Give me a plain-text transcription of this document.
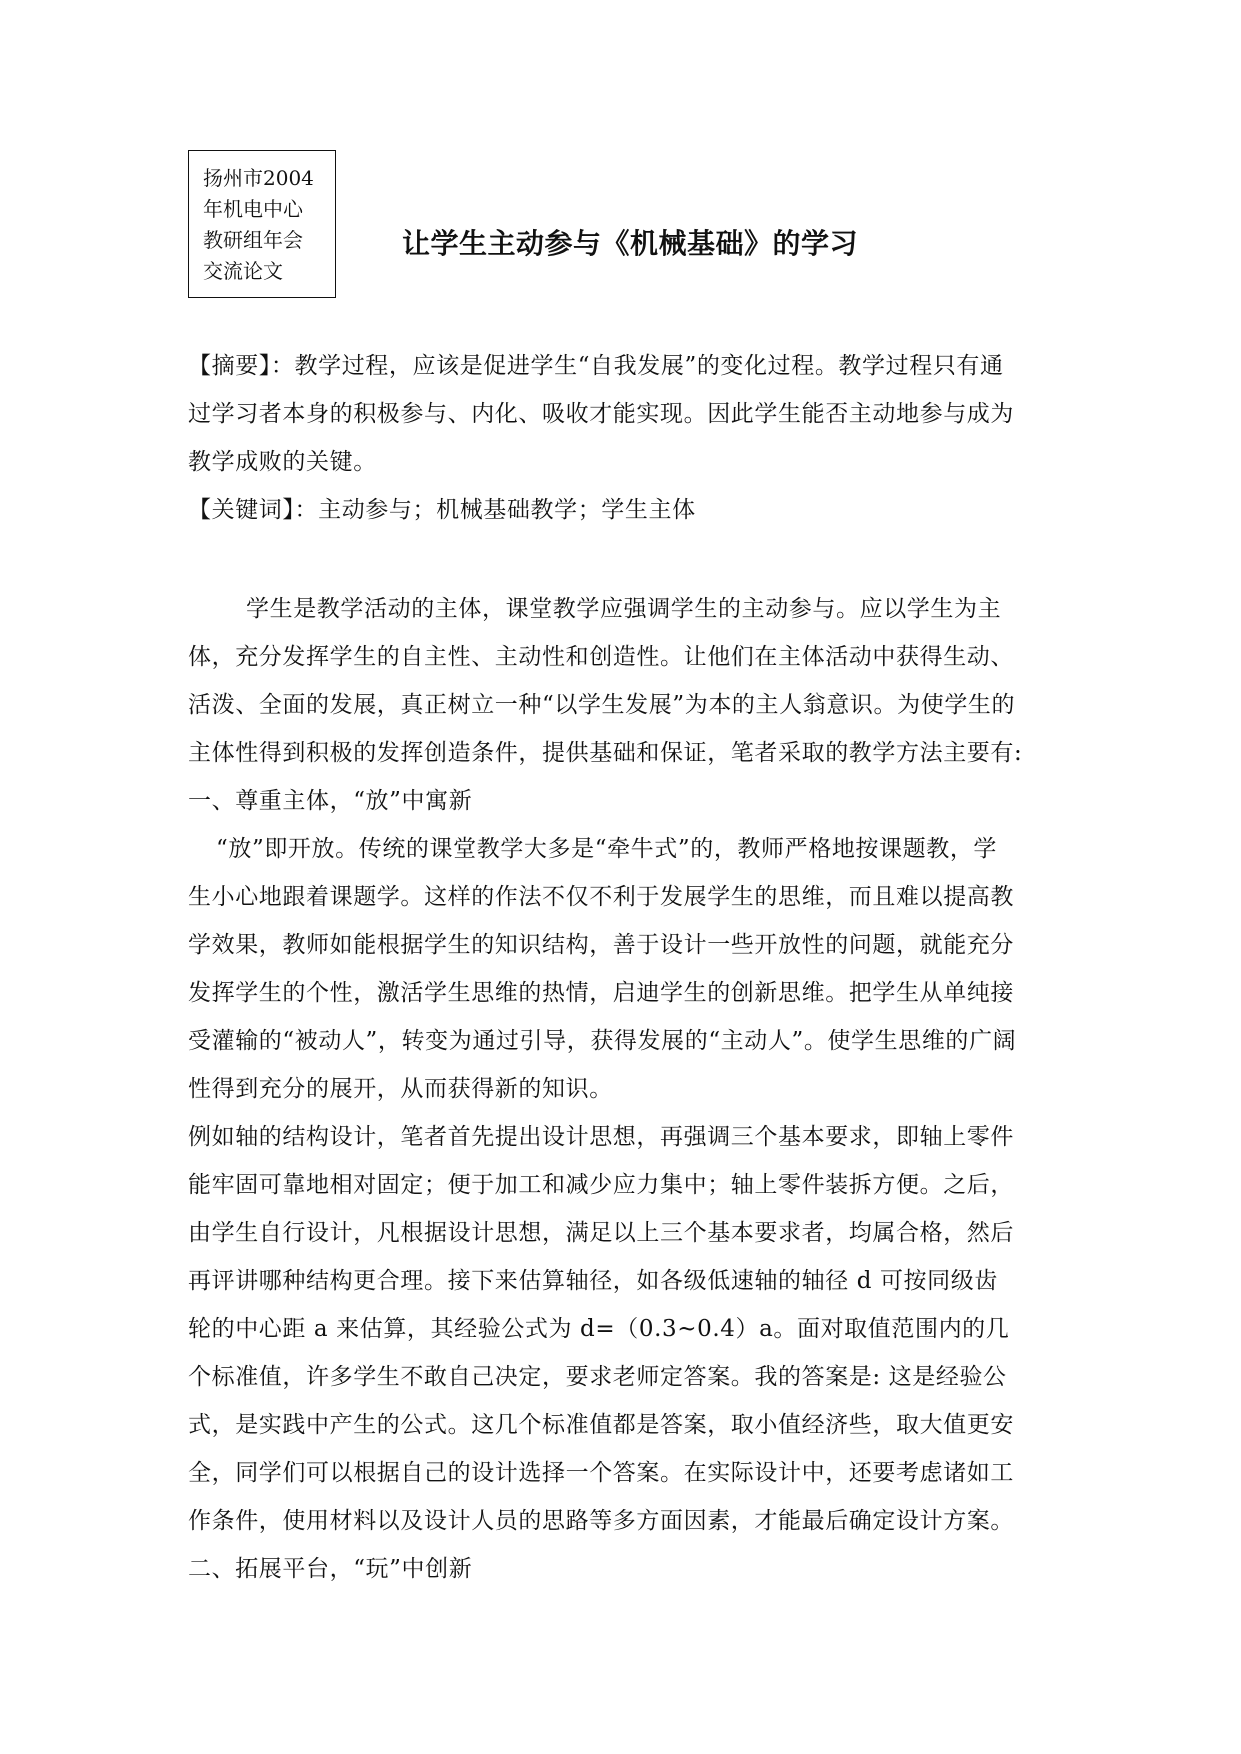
扬州市2004
年机电中心
教研组年会
交流论文
让学生主动参与《机械基础》的学习
【摘要】：教学过程，应该是促进学生“自我发展”的变化过程。教学过程只有通
过学习者本身的积极参与、内化、吸收才能实现。因此学生能否主动地参与成为
教学成败的关键。
【关键词】：主动参与；机械基础教学；学生主体
学生是教学活动的主体，课堂教学应强调学生的主动参与。应以学生为主
体，充分发挥学生的自主性、主动性和创造性。让他们在主体活动中获得生动、
活泼、全面的发展，真正树立一种“以学生发展”为本的主人翁意识。为使学生的
主体性得到积极的发挥创造条件，提供基础和保证，笔者采取的教学方法主要有:
一、尊重主体，“放”中寓新
“放”即开放。传统的课堂教学大多是“牵牛式”的，教师严格地按课题教，学
生小心地跟着课题学。这样的作法不仅不利于发展学生的思维，而且难以提高教
学效果，教师如能根据学生的知识结构，善于设计一些开放性的问题，就能充分
发挥学生的个性，激活学生思维的热情，启迪学生的创新思维。把学生从单纯接
受灌输的“被动人”，转变为通过引导，获得发展的“主动人”。使学生思维的广阔
性得到充分的展开，从而获得新的知识。
例如轴的结构设计，笔者首先提出设计思想，再强调三个基本要求，即轴上零件
能牢固可靠地相对固定；便于加工和减少应力集中；轴上零件装拆方便。之后，
由学生自行设计，凡根据设计思想，满足以上三个基本要求者，均属合格，然后
再评讲哪种结构更合理。接下来估算轴径，如各级低速轴的轴径 d 可按同级齿
轮的中心距 a 来估算，其经验公式为 d=（0.3~0.4）a。面对取值范围内的几
个标准值，许多学生不敢自己决定，要求老师定答案。我的答案是: 这是经验公
式，是实践中产生的公式。这几个标准值都是答案，取小值经济些，取大值更安
全，同学们可以根据自己的设计选择一个答案。在实际设计中，还要考虑诸如工
作条件，使用材料以及设计人员的思路等多方面因素，才能最后确定设计方案。
二、拓展平台，“玩”中创新
